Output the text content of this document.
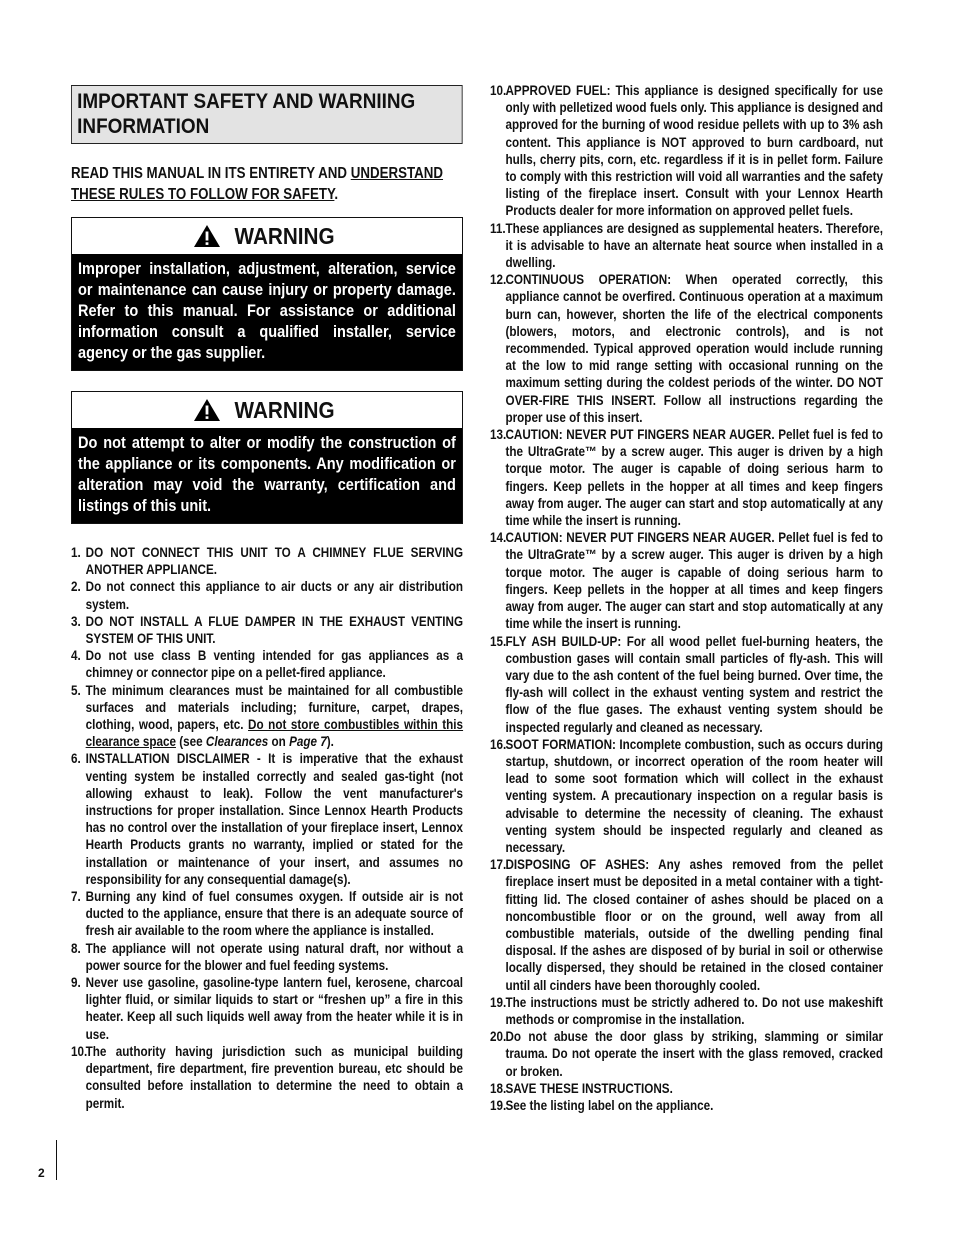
2
IMPORTANT SAFETY AND WARNIING INFORMATION
READ THIS MANUAL IN ITS ENTIRETY AND UNDERSTAND THESE RULES TO FOLLOW FOR SAFETY.
WARNING
Improper installation, adjustment, alteration, service or maintenance can cause injury or property damage. Refer to this manual. For assistance or additional information consult a qualified installer, service agency or the gas supplier.
WARNING
Do not attempt to alter or modify the construction of the appliance or its components. Any modification or alteration may void the warranty, certification and listings of this unit.
1. DO NOT CONNECT THIS UNIT TO A CHIMNEY FLUE SERVING ANOTHER APPLIANCE.
2. Do not connect this appliance to air ducts or any air distribution system.
3. DO NOT INSTALL A FLUE DAMPER IN THE EXHAUST VENTING SYSTEM OF THIS UNIT.
4. Do not use class B venting intended for gas appliances as a chimney or connector pipe on a pellet-fired appliance.
5. The minimum clearances must be maintained for all combustible surfaces and materials including; furniture, carpet, drapes, clothing, wood, papers, etc. Do not store combustibles within this clearance space (see Clearances on Page 7).
6. INSTALLATION DISCLAIMER - It is imperative that the exhaust venting system be installed correctly and sealed gas-tight (not allowing exhaust to leak). Follow the vent manufacturer's instructions for proper installation. Since Lennox Hearth Products has no control over the installation of your fireplace insert, Lennox Hearth Products grants no warranty, implied or stated for the installation or maintenance of your insert, and assumes no responsibility for any consequential damage(s).
7. Burning any kind of fuel consumes oxygen. If outside air is not ducted to the appliance, ensure that there is an adequate source of fresh air available to the room where the appliance is installed.
8. The appliance will not operate using natural draft, nor without a power source for the blower and fuel feeding systems.
9. Never use gasoline, gasoline-type lantern fuel, kerosene, charcoal lighter fluid, or similar liquids to start or “freshen up” a fire in this heater. Keep all such liquids well away from the heater while it is in use.
10.
The authority having jurisdiction such as municipal building department, fire department, fire prevention bureau, etc should be consulted before installation to determine the need to obtain a permit.
10. APPROVED FUEL: This appliance is designed specifically for use only with pelletized wood fuels only. This appliance is designed and approved for the burning of wood residue pellets with up to 3% ash content. This appliance is NOT approved to burn cardboard, nut hulls, cherry pits, corn, etc. regardless if it is in pellet form. Failure to comply with this restriction will void all warranties and the safety listing of the fireplace insert. Consult with your Lennox Hearth Products dealer for more information on approved pellet fuels.
11. These appliances are designed as supplemental heaters. Therefore, it is advisable to have an alternate heat source when installed in a dwelling.
12. CONTINUOUS OPERATION: When operated correctly, this appliance cannot be overfired. Continuous operation at a maximum burn can, however, shorten the life of the electrical components (blowers, motors, and electronic controls), and is not recommended. Typical approved operation would include running at the low to mid range setting with occasional running on the maximum setting during the coldest periods of the winter. DO NOT OVER-FIRE THIS INSERT. Follow all instructions regarding the proper use of this insert.
13. CAUTION: NEVER PUT FINGERS NEAR AUGER. Pellet fuel is fed to the UltraGrate™ by a screw auger. This auger is driven by a high torque motor. The auger is capable of doing serious harm to fingers. Keep pellets in the hopper at all times and keep fingers away from auger. The auger can start and stop automatically at any time while the insert is running.
14. CAUTION: NEVER PUT FINGERS NEAR AUGER. Pellet fuel is fed to the UltraGrate™ by a screw auger. This auger is driven by a high torque motor. The auger is capable of doing serious harm to fingers. Keep pellets in the hopper at all times and keep fingers away from auger. The auger can start and stop automatically at any time while the insert is running.
15. FLY ASH BUILD-UP: For all wood pellet fuel-burning heaters, the combustion gases will contain small particles of fly-ash. This will vary due to the ash content of the fuel being burned. Over time, the fly-ash will collect in the exhaust venting system and restrict the flow of the flue gases. The exhaust venting system should be inspected regularly and cleaned as necessary.
16. SOOT FORMATION: Incomplete combustion, such as occurs during startup, shutdown, or incorrect operation of the room heater will lead to some soot formation which will collect in the exhaust venting system. A precautionary inspection on a regular basis is advisable to determine the necessity of cleaning. The exhaust venting system should be inspected regularly and cleaned as necessary.
17. DISPOSING OF ASHES: Any ashes removed from the pellet fireplace insert must be deposited in a metal container with a tight-fitting lid. The closed container of ashes should be placed on a noncombustible floor or on the ground, well away from all combustible materials, outside of the dwelling pending final disposal. If the ashes are disposed of by burial in soil or otherwise locally dispersed, they should be retained in the closed container until all cinders have been thoroughly cooled.
19. The instructions must be strictly adhered to. Do not use makeshift methods or compromise in the installation.
20. Do not abuse the door glass by striking, slamming or similar trauma. Do not operate the insert with the glass removed, cracked or broken.
18. SAVE THESE INSTRUCTIONS.
19. See the listing label on the appliance.
